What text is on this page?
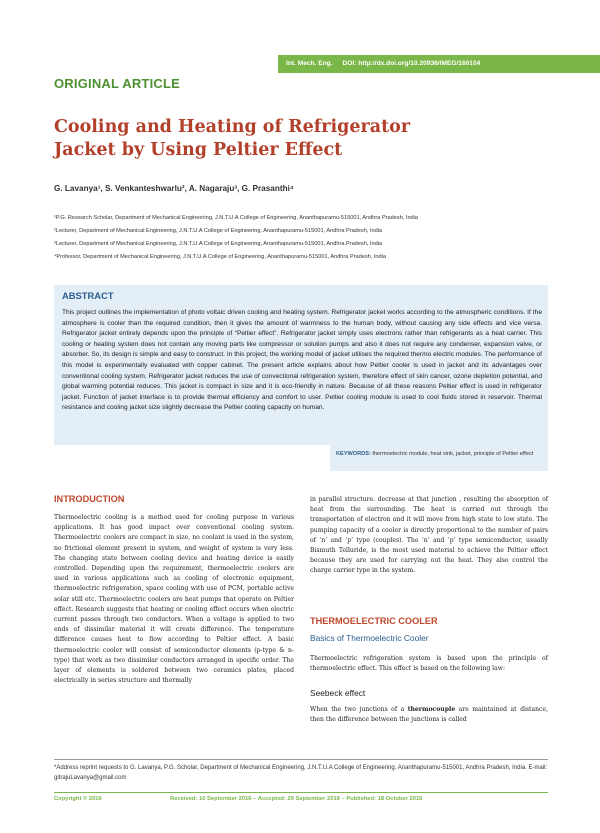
Int. Mech. Eng. DOI: http://dx.doi.org/10.20936/IMEG/160104
ORIGINAL ARTICLE
Cooling and Heating of Refrigerator
Jacket by Using Peltier Effect
G. Lavanya¹, S. Venkanteshwarlu², A. Nagaraju³, G. Prasanthi⁴
¹P.G. Research Scholar, Department of Mechanical Engineering, J.N.T.U.A College of Engineering, Ananthapuramu-515001, Andhra Pradesh, India
²Lecturer, Department of Mechanical Engineering, J.N.T.U.A College of Engineering, Ananthapuramu-515001, Andhra Pradesh, India
³Lecturer, Department of Mechanical Engineering, J.N.T.U.A College of Engineering, Ananthapuramu-515001, Andhra Pradesh, India
⁴Professor, Department of Mechanical Engineering, J.N.T.U.A College of Engineering, Ananthapuramu-515001, Andhra Pradesh, India
ABSTRACT
This project outlines the implementation of photo voltaic driven cooling and heating system. Refrigerator jacket works according to the atmospheric conditions. If the atmosphere is cooler than the required condition, then it gives the amount of warmness to the human body, without causing any side effects and vice versa. Refrigerator jacket entirely depends upon the principle of “Peltier effect”. Refrigerator jacket simply uses electrons rather than refrigerants as a heat carrier. This cooling or heating system does not contain any moving parts like compressor or solution pumps and also it does not require any condenser, expansion valve, or absorber. So, its design is simple and easy to construct. In this project, the working model of jacket utilises the required thermo electric modules. The performance of this model is experimentally evaluated with copper cabinet. The present article explains about how Peltier cooler is used in jacket and its advantages over conventional cooling system. Refrigerator jacket reduces the use of convectional refrigeration system, therefore effect of skin cancer, ozone depletion potential, and global warming potential reduces. This jacket is compact in size and it is eco-friendly in nature. Because of all these reasons Peltier effect is used in refrigerator jacket. Function of jacket interface is to provide thermal efficiency and comfort to user. Peltier cooling module is used to cool fluids stored in reservoir. Thermal resistance and cooling jacket size slightly decrease the Peltier cooling capacity on human.
KEYWORDS: thermoelectric module, heat sink, jacket, principle of Peltier effect
INTRODUCTION
Thermoelectric cooling is a method used for cooling purpose in various applications. It has good impact over conventional cooling system. Thermoelectric coolers are compact in size, no coolant is used in the system, no frictional element present in system, and weight of system is very less. The changing state between cooling device and heating device is easily controlled. Depending upon the requirement, thermoelectric coolers are used in various applications such as cooling of electronic equipment, thermoelectric refrigeration, space cooling with use of PCM, portable active solar still etc. Thermoelectric coolers are heat pumps that operate on Peltier effect. Research suggests that heating or cooling effect occurs when electric current passes through two conductors. When a voltage is applied to two ends of dissimilar material it will create difference. The temperature difference causes heat to flow according to Peltier effect. A basic thermoelectric cooler will consist of semiconductor elements (p-type & n-type) that work as two dissimilar conductors arranged in specific order. The layer of elements is soldered between two ceramics plates, placed electrically in series structure and thermally
in parallel structure. decrease at that junction , resulting the absorption of heat from the surrounding. The heat is carried out through the transportation of electron and it will move from high state to low state. The pumping capacity of a cooler is directly proportional to the number of pairs of ‘n’ and ‘p’ type (couples). The ‘n’ and ‘p’ type semiconductor, usually Bismuth Telluride, is the most used material to achieve the Peltier effect because they are used for carrying out the heat. They also control the charge carrier type in the system.
THERMOELECTRIC COOLER
Basics of Thermoelectric Cooler
Thermoelectric refrigeration system is based upon the principle of thermoelectric effect. This effect is based on the following law:
Seebeck effect
When the two junctions of a thermocouple are maintained at distance, then the difference between the junctions is called
*Address reprint requests to G. Lavanya, P.G. Scholar, Department of Mechanical Engineering, J.N.T.U.A College of Engineering, Ananthapuramu-515001, Andhra Pradesh, India. E-mail: gitrajuLavanya@gmail.com
Copyright © 2016	Received: 10 September 2016 – Accepted: 29 September 2016 – Published: 18 October 2016
